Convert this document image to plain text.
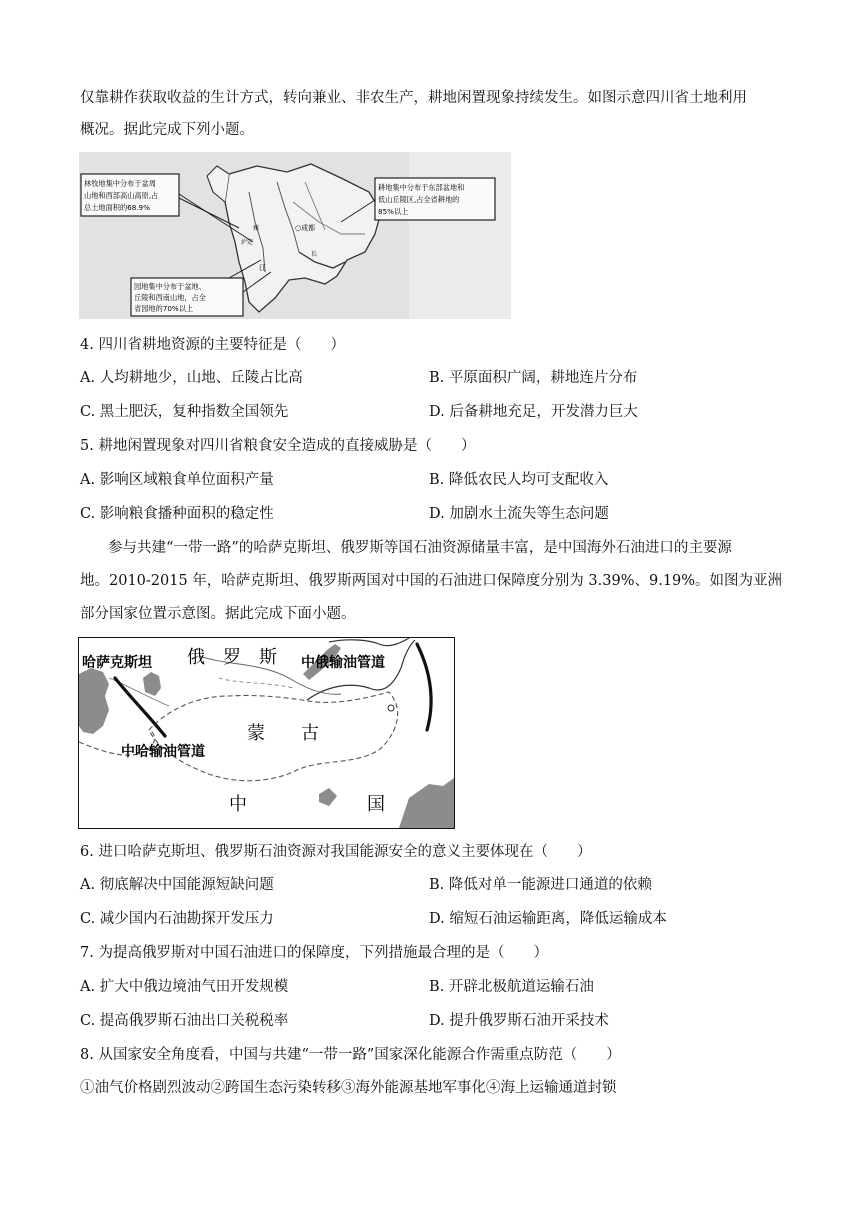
仅靠耕作获取收益的生计方式，转向兼业、非农生产，耕地闲置现象持续发生。如图示意四川省土地利用
概况。据此完成下列小题。
林牧地集中分布于盆周
山地和西部高山高原,占
总土地面积的68.9%
耕地集中分布于东部盆地和
低山丘陵区,占全省耕地的
85%以上
园地集中分布于盆地、
丘陵和西南山地，占全
省园地的70%以上
○成都
江
泸定
雅
长
4. 四川省耕地资源的主要特征是（　　）
A. 人均耕地少，山地、丘陵占比高	B. 平原面积广阔，耕地连片分布
C. 黑土肥沃，复种指数全国领先	D. 后备耕地充足，开发潜力巨大
5. 耕地闲置现象对四川省粮食安全造成的直接威胁是（　　）
A. 影响区域粮食单位面积产量	B. 降低农民人均可支配收入
C. 影响粮食播种面积的稳定性	D. 加剧水土流失等生态问题
参与共建“一带一路”的哈萨克斯坦、俄罗斯等国石油资源储量丰富，是中国海外石油进口的主要源
地。2010-2015 年，哈萨克斯坦、俄罗斯两国对中国的石油进口保障度分别为 3.39%、9.19%。如图为亚洲
部分国家位置示意图。据此完成下面小题。
哈萨克斯坦 俄　罗　斯 中俄输油管道
蒙　　古
中哈输油管道
中	国
6. 进口哈萨克斯坦、俄罗斯石油资源对我国能源安全的意义主要体现在（　　）
A. 彻底解决中国能源短缺问题	B. 降低对单一能源进口通道的依赖
C. 减少国内石油勘探开发压力	D. 缩短石油运输距离，降低运输成本
7. 为提高俄罗斯对中国石油进口的保障度，下列措施最合理的是（　　）
A. 扩大中俄边境油气田开发规模	B. 开辟北极航道运输石油
C. 提高俄罗斯石油出口关税税率	D. 提升俄罗斯石油开采技术
8. 从国家安全角度看，中国与共建“一带一路”国家深化能源合作需重点防范（　　）
①油气价格剧烈波动②跨国生态污染转移③海外能源基地军事化④海上运输通道封锁
